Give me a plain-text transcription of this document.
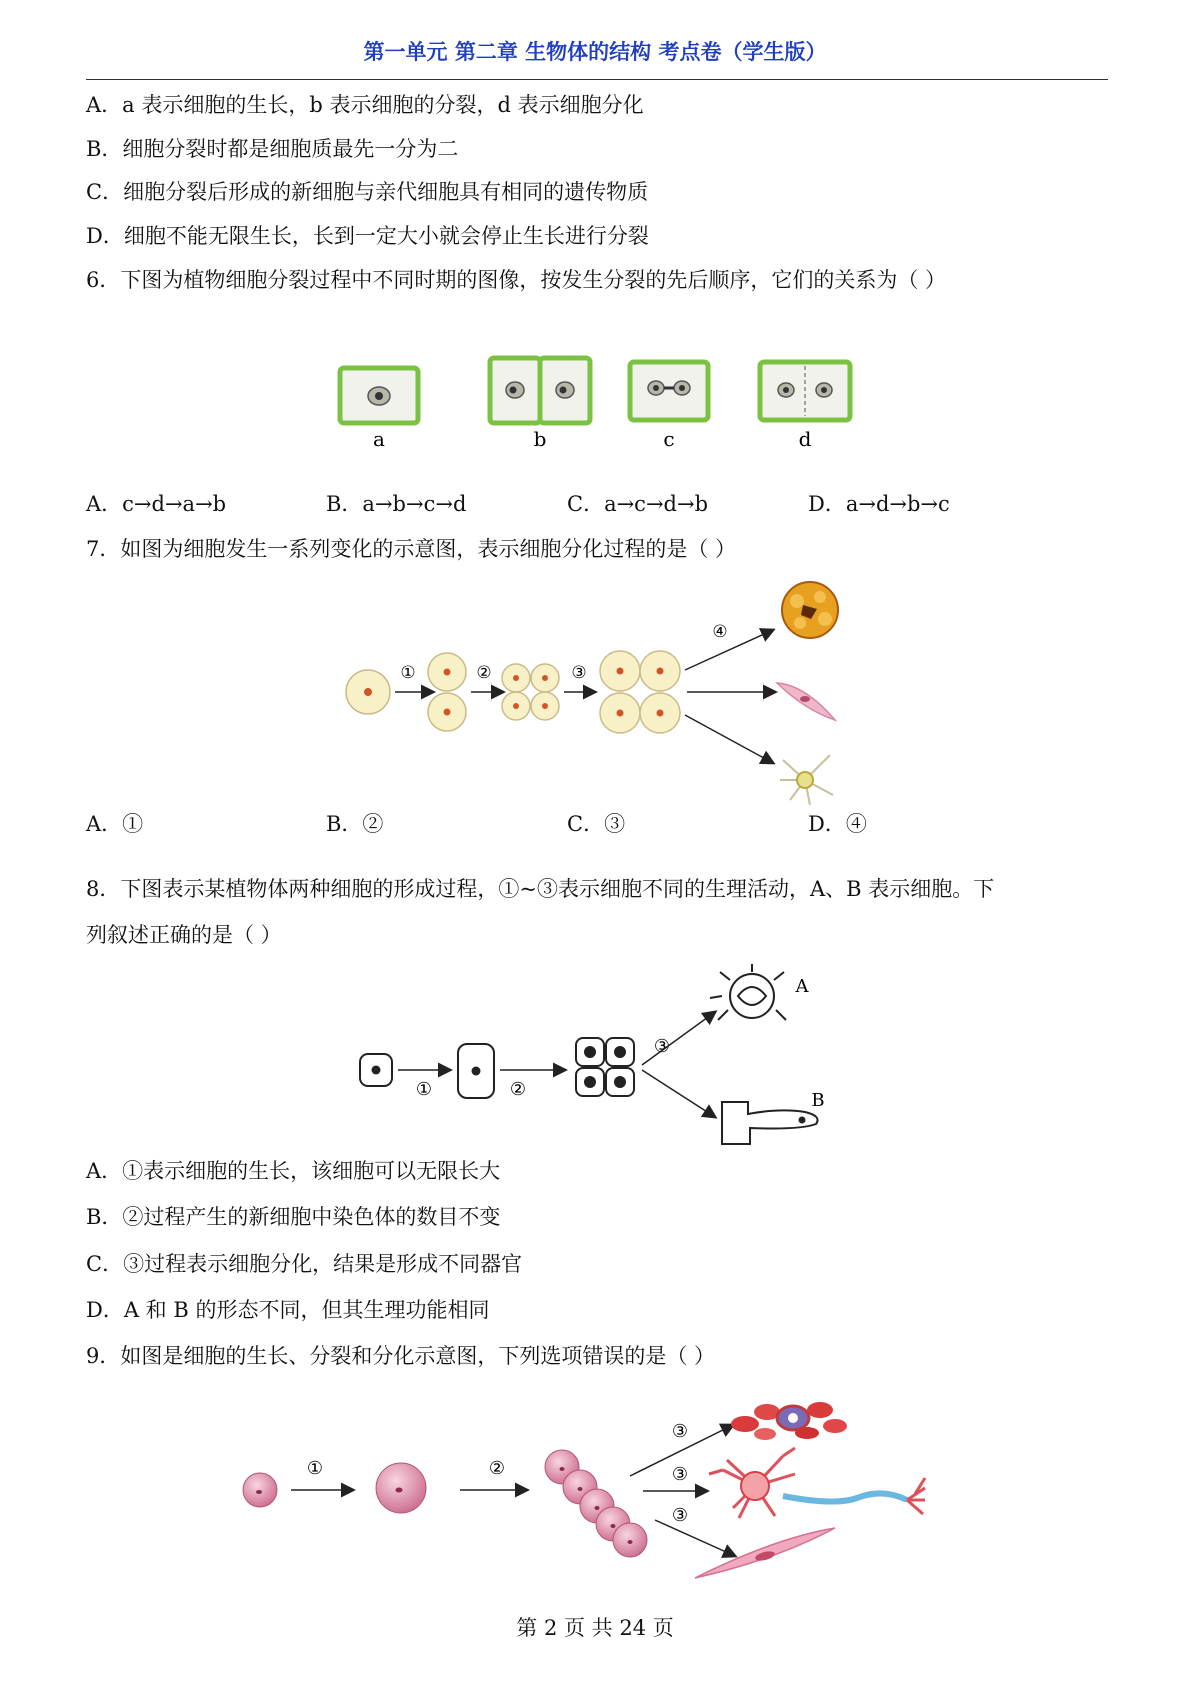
第一单元 第二章 生物体的结构 考点卷（学生版）
A．a 表示细胞的生长，b 表示细胞的分裂，d 表示细胞分化
B．细胞分裂时都是细胞质最先一分为二
C．细胞分裂后形成的新细胞与亲代细胞具有相同的遗传物质
D．细胞不能无限生长，长到一定大小就会停止生长进行分裂
6．下图为植物细胞分裂过程中不同时期的图像，按发生分裂的先后顺序，它们的关系为（ ）
a	b	c	d
A．c→d→a→b	B．a→b→c→d	C．a→c→d→b	D．a→d→b→c
7．如图为细胞发生一系列变化的示意图，表示细胞分化过程的是（ ）
①	②	③
④
A．①	B．②	C．③	D．④
8．下图表示某植物体两种细胞的形成过程，①~③表示细胞不同的生理活动，A、B 表示细胞。下
列叙述正确的是（ ）
①	②
③
A
B
A．①表示细胞的生长，该细胞可以无限长大
B．②过程产生的新细胞中染色体的数目不变
C．③过程表示细胞分化，结果是形成不同器官
D．A 和 B 的形态不同，但其生理功能相同
9．如图是细胞的生长、分裂和分化示意图，下列选项错误的是（ ）
①	②
③
③
③
第 2 页 共 24 页
